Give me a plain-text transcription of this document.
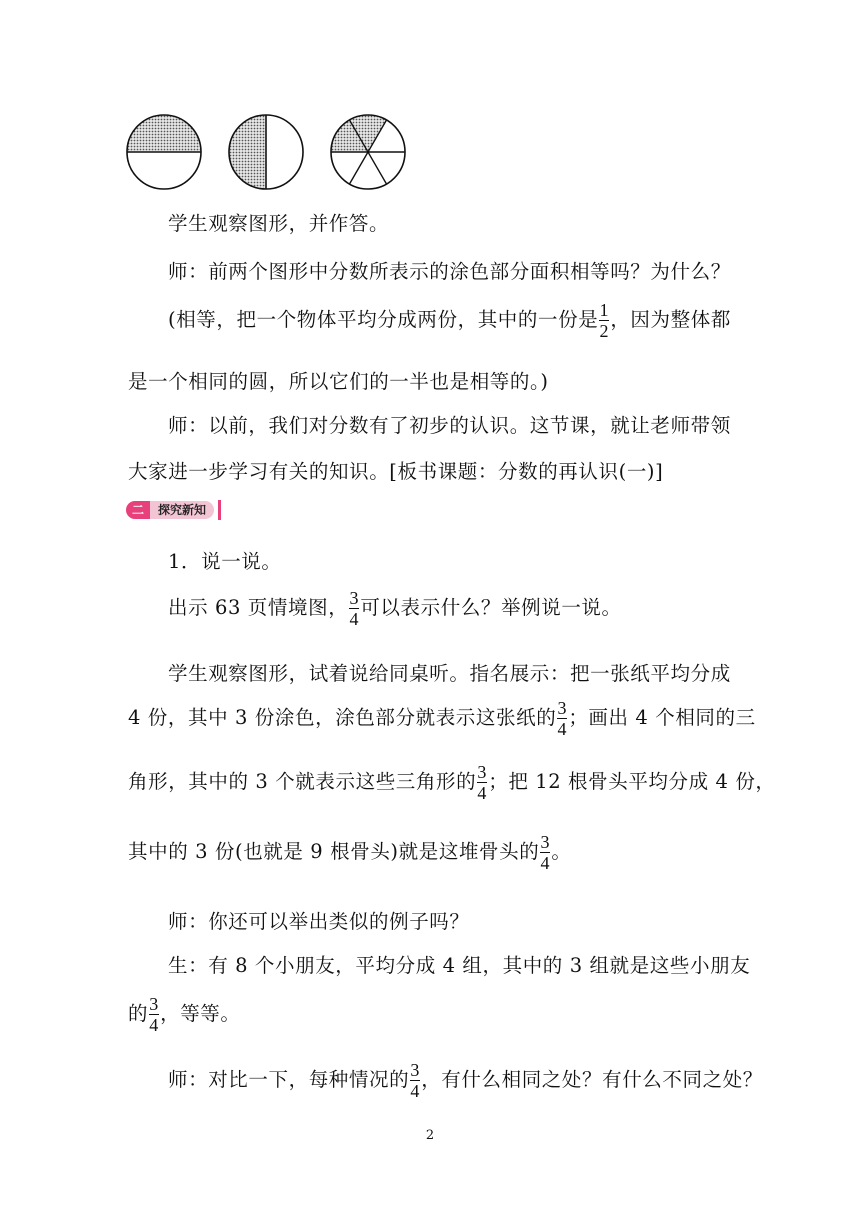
学生观察图形，并作答。
师：前两个图形中分数所表示的涂色部分面积相等吗？为什么？
(相等，把一个物体平均分成两份，其中的一份是 $\frac{1}{2}$ ，因为整体都
是一个相同的圆，所以它们的一半也是相等的。)
师：以前，我们对分数有了初步的认识。这节课，就让老师带领
大家进一步学习有关的知识。[板书课题：分数的再认识(一)]
二	探究新知
1．说一说。
出示 63 页情境图， $\frac{3}{4}$ 可以表示什么？举例说一说。
学生观察图形，试着说给同桌听。指名展示：把一张纸平均分成
4 份，其中 3 份涂色，涂色部分就表示这张纸的 $\frac{3}{4}$ ；画出 4 个相同的三
角形，其中的 3 个就表示这些三角形的 $\frac{3}{4}$ ；把 12 根骨头平均分成 4 份，
其中的 3 份(也就是 9 根骨头)就是这堆骨头的 $\frac{3}{4}$ 。
师：你还可以举出类似的例子吗？
生：有 8 个小朋友，平均分成 4 组，其中的 3 组就是这些小朋友
的 $\frac{3}{4}$ ，等等。
师：对比一下，每种情况的 $\frac{3}{4}$ ，有什么相同之处？有什么不同之处？
2
